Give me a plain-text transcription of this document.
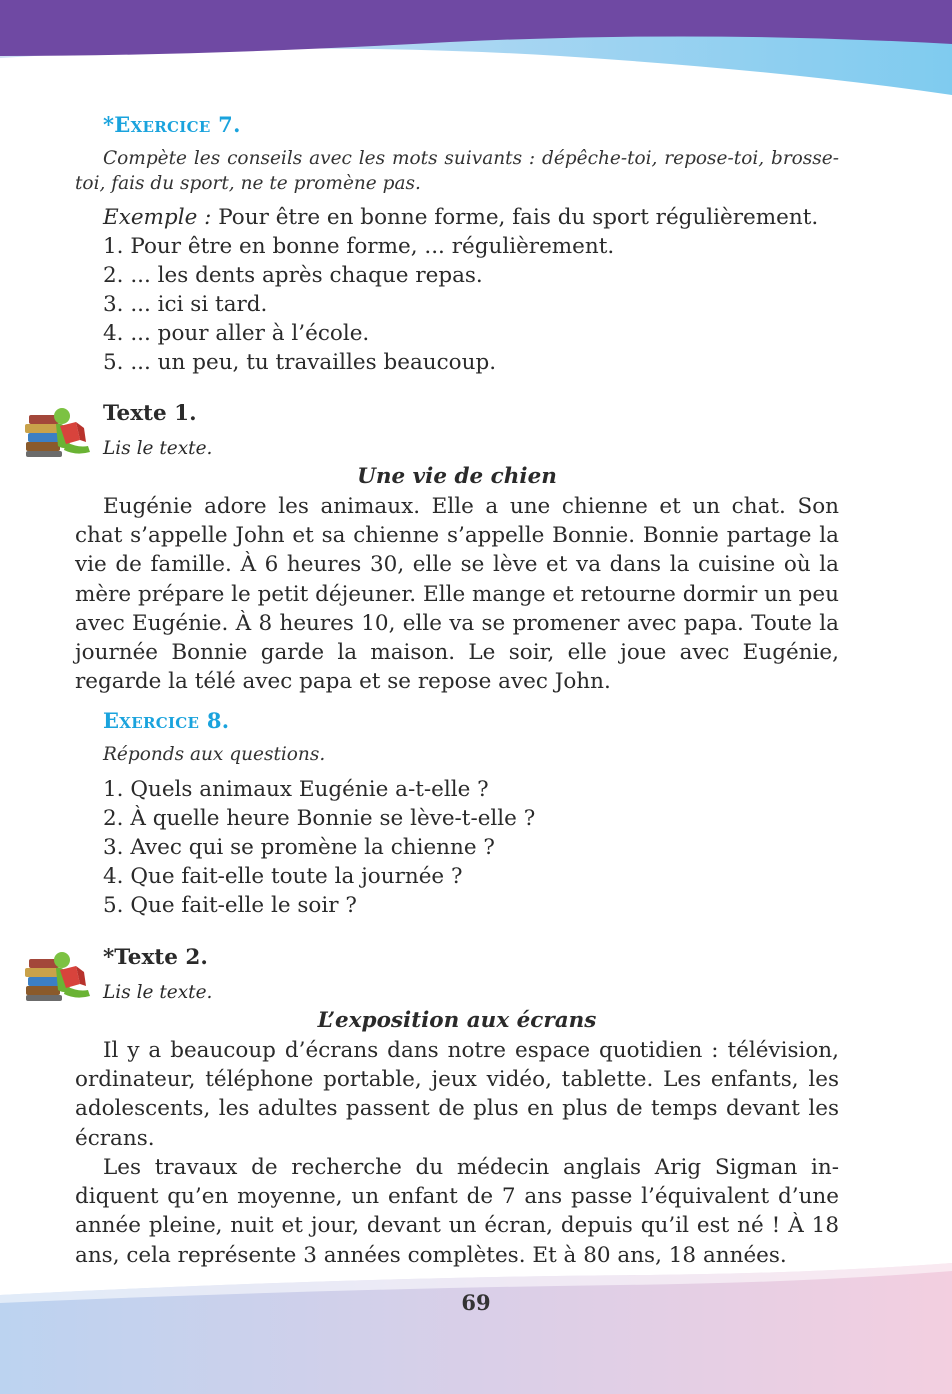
*Exercice 7.
Compète les conseils avec les mots suivants : dépêche-toi, repose-toi, brosse-toi, fais du sport, ne te promène pas.
Exemple : Pour être en bonne forme, fais du sport régulièrement.
1. Pour être en bonne forme, ... régulièrement.
2. ... les dents après chaque repas.
3. ... ici si tard.
4. ... pour aller à l’école.
5. ... un peu, tu travailles beaucoup.
Texte 1.
Lis le texte.
Une vie de chien

Eugénie adore les animaux. Elle a une chienne et un chat. Son chat s’appelle John et sa chienne s’appelle Bonnie. Bonnie partage la vie de famille. À 6 heures 30, elle se lève et va dans la cuisine où la mère prépare le petit déjeuner. Elle mange et retourne dormir un peu avec Eugénie. À 8 heures 10, elle va se promener avec papa. Toute la journée Bonnie garde la maison. Le soir, elle joue avec Eugénie, regarde la télé avec papa et se repose avec John.

Exercice 8.
Réponds aux questions.
1. Quels animaux Eugénie a-t-elle ?
2. À quelle heure Bonnie se lève-t-elle ?
3. Avec qui se promène la chienne ?
4. Que fait-elle toute la journée ?
5. Que fait-elle le soir ?
*Texte 2.
Lis le texte.
L’exposition aux écrans

Il y a beaucoup d’écrans dans notre espace quotidien : télévision, ordinateur, téléphone portable, jeux vidéo, tablette. Les enfants, les adolescents, les adultes passent de plus en plus de temps devant les écrans.

Les travaux de recherche du médecin anglais Arig Sigman indiquent qu’en moyenne, un enfant de 7 ans passe l’équivalent d’une année pleine, nuit et jour, devant un écran, depuis qu’il est né ! À 18 ans, cela représente 3 années complètes. Et à 80 ans, 18 années.

69
